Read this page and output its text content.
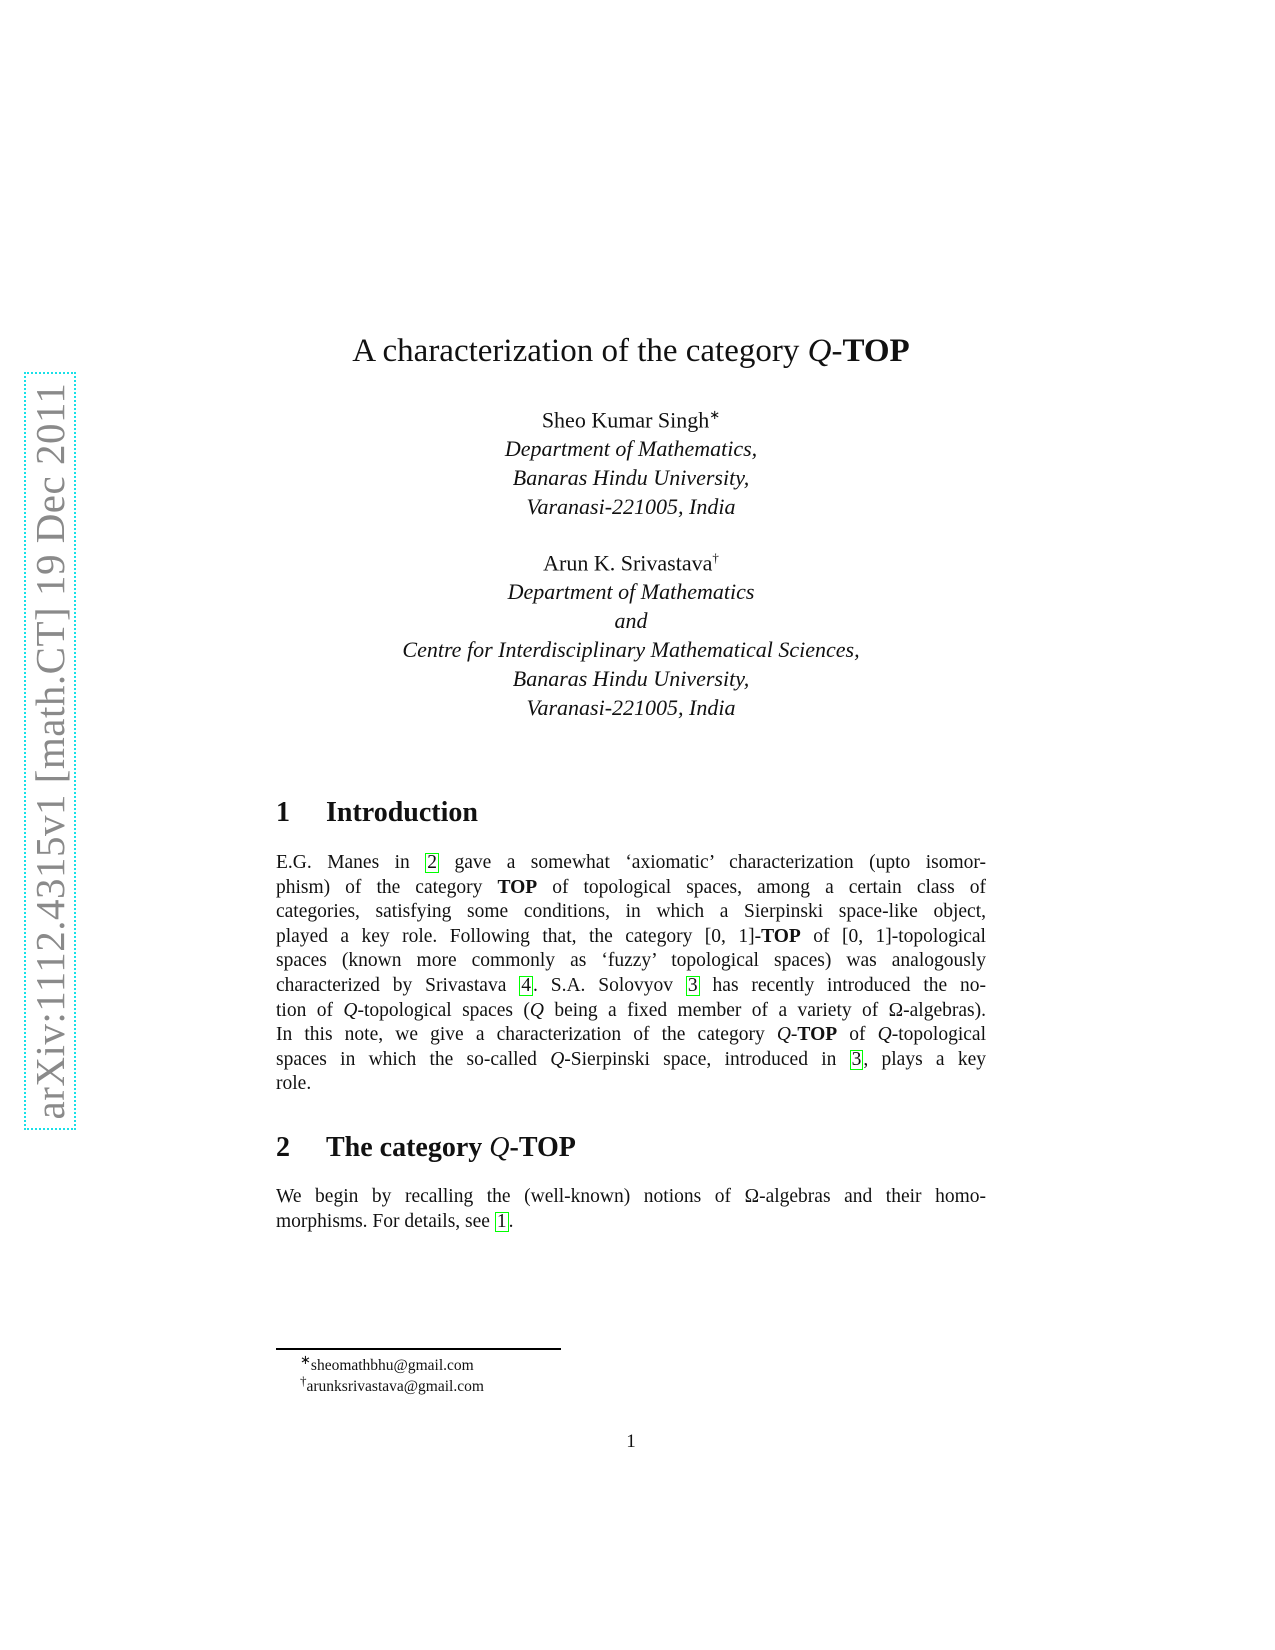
arXiv:1112.4315v1 [math.CT] 19 Dec 2011
A characterization of the category Q-TOP
Sheo Kumar Singh∗
Department of Mathematics,
Banaras Hindu University,
Varanasi-221005, India
Arun K. Srivastava†
Department of Mathematics
and
Centre for Interdisciplinary Mathematical Sciences,
Banaras Hindu University,
Varanasi-221005, India
1 Introduction
E.G. Manes in 2 gave a somewhat ‘axiomatic’ characterization (upto isomor-
phism) of the category TOP of topological spaces, among a certain class of
categories, satisfying some conditions, in which a Sierpinski space-like object,
played a key role. Following that, the category [0, 1]-TOP of [0, 1]-topological
spaces (known more commonly as ‘fuzzy’ topological spaces) was analogously
characterized by Srivastava 4 . S.A. Solovyov 3 has recently introduced the no-
tion of Q-topological spaces (Q being a fixed member of a variety of Ω-algebras).
In this note, we give a characterization of the category Q-TOP of Q-topological
spaces in which the so-called Q-Sierpinski space, introduced in 3 , plays a key
role.
2 The category Q-TOP
We begin by recalling the (well-known) notions of Ω-algebras and their homo-
morphisms. For details, see 1 .
∗sheomathbhu@gmail.com
†arunksrivastava@gmail.com
1
